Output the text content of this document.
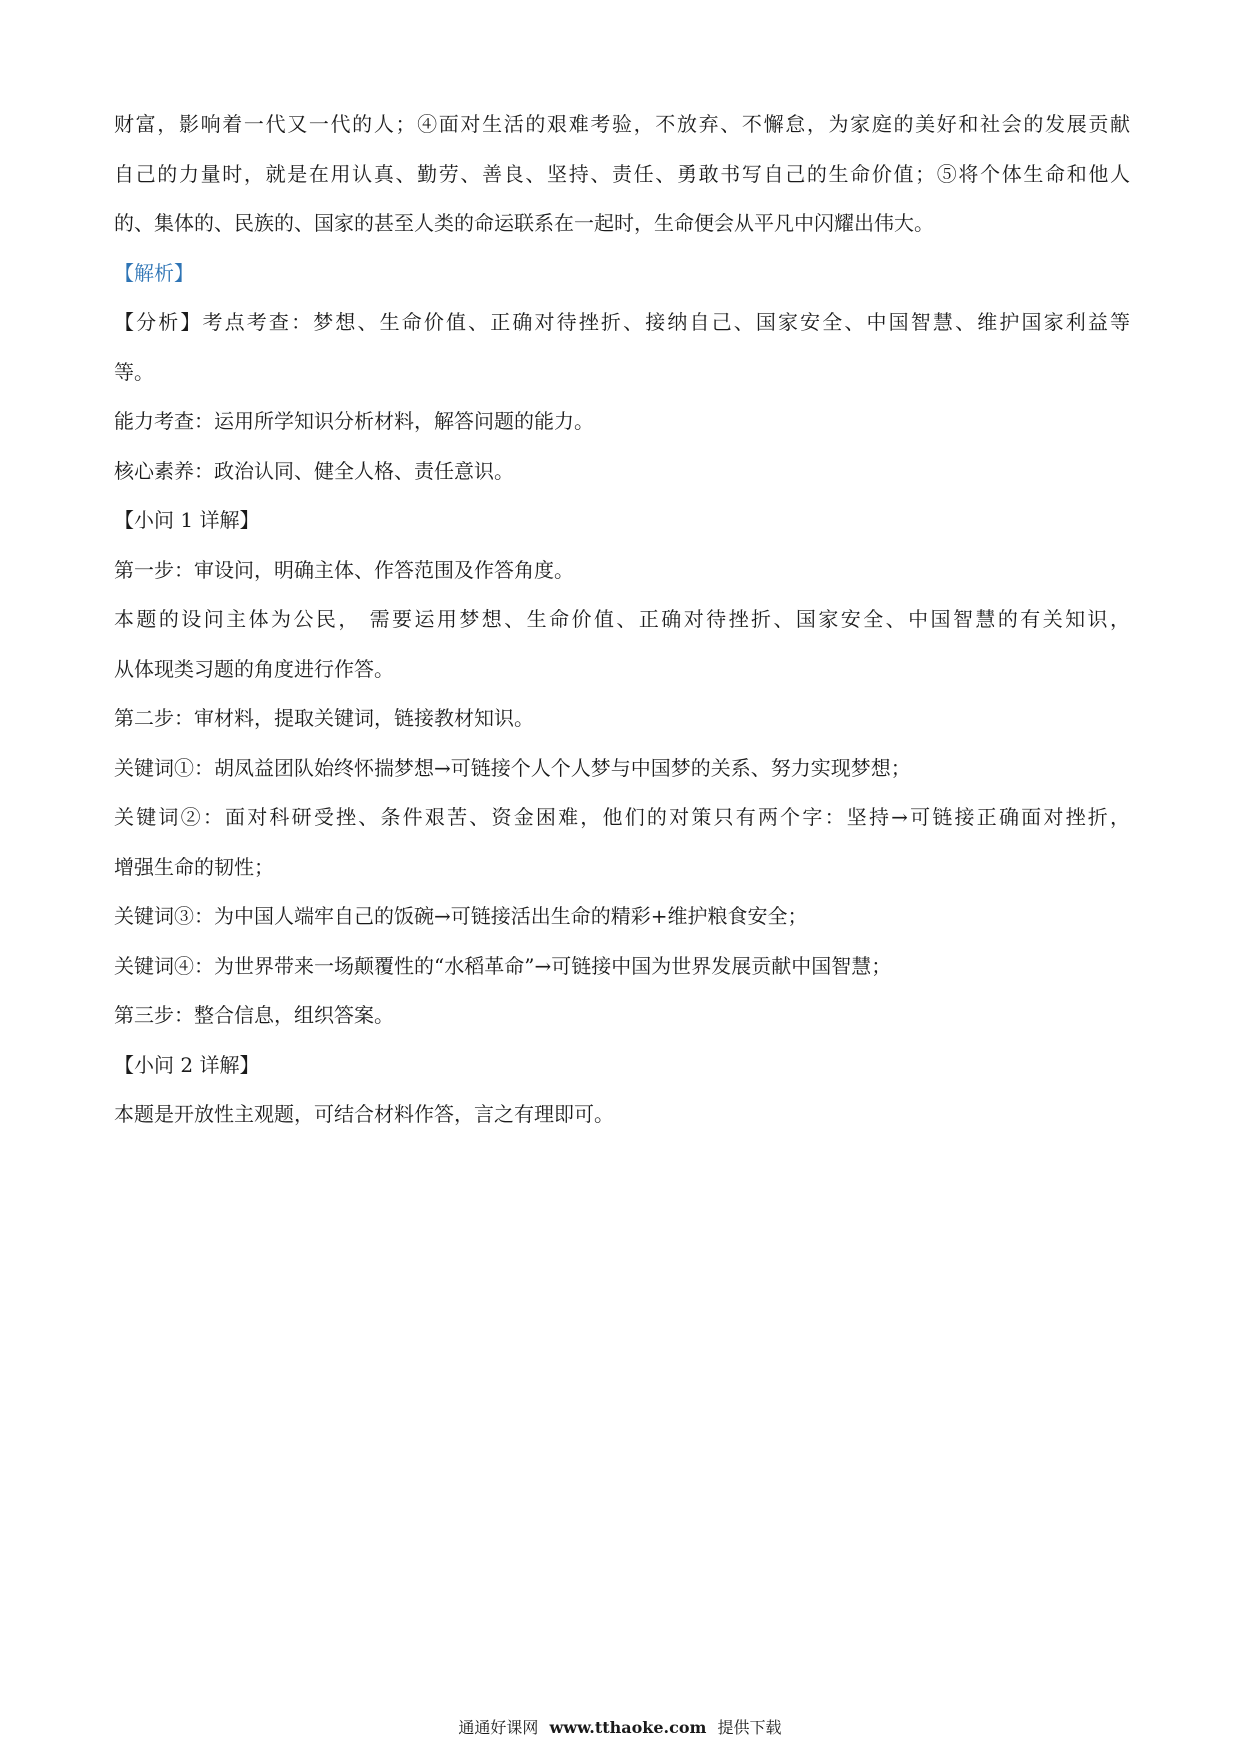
财富，影响着一代又一代的人；④面对生活的艰难考验，不放弃、不懈怠，为家庭的美好和社会的发展贡献
自己的力量时，就是在用认真、勤劳、善良、坚持、责任、勇敢书写自己的生命价值；⑤将个体生命和他人
的、集体的、民族的、国家的甚至人类的命运联系在一起时，生命便会从平凡中闪耀出伟大。
【解析】
【分析】考点考查：梦想、生命价值、正确对待挫折、接纳自己、国家安全、中国智慧、维护国家利益等
等。
能力考查：运用所学知识分析材料，解答问题的能力。
核心素养：政治认同、健全人格、责任意识。
【小问 1 详解】
第一步：审设问，明确主体、作答范围及作答角度。
本题的设问主体为公民， 需要运用梦想、生命价值、正确对待挫折、国家安全、中国智慧的有关知识，
从体现类习题的角度进行作答。
第二步：审材料，提取关键词，链接教材知识。
关键词①：胡凤益团队始终怀揣梦想→可链接个人个人梦与中国梦的关系、努力实现梦想；
关键词②：面对科研受挫、条件艰苦、资金困难，他们的对策只有两个字：坚持→可链接正确面对挫折，
增强生命的韧性；
关键词③：为中国人端牢自己的饭碗→可链接活出生命的精彩+维护粮食安全；
关键词④：为世界带来一场颠覆性的“水稻革命”→可链接中国为世界发展贡献中国智慧；
第三步：整合信息，组织答案。
【小问 2 详解】
本题是开放性主观题，可结合材料作答，言之有理即可。
通通好课网 www.tthaoke.com 提供下载
